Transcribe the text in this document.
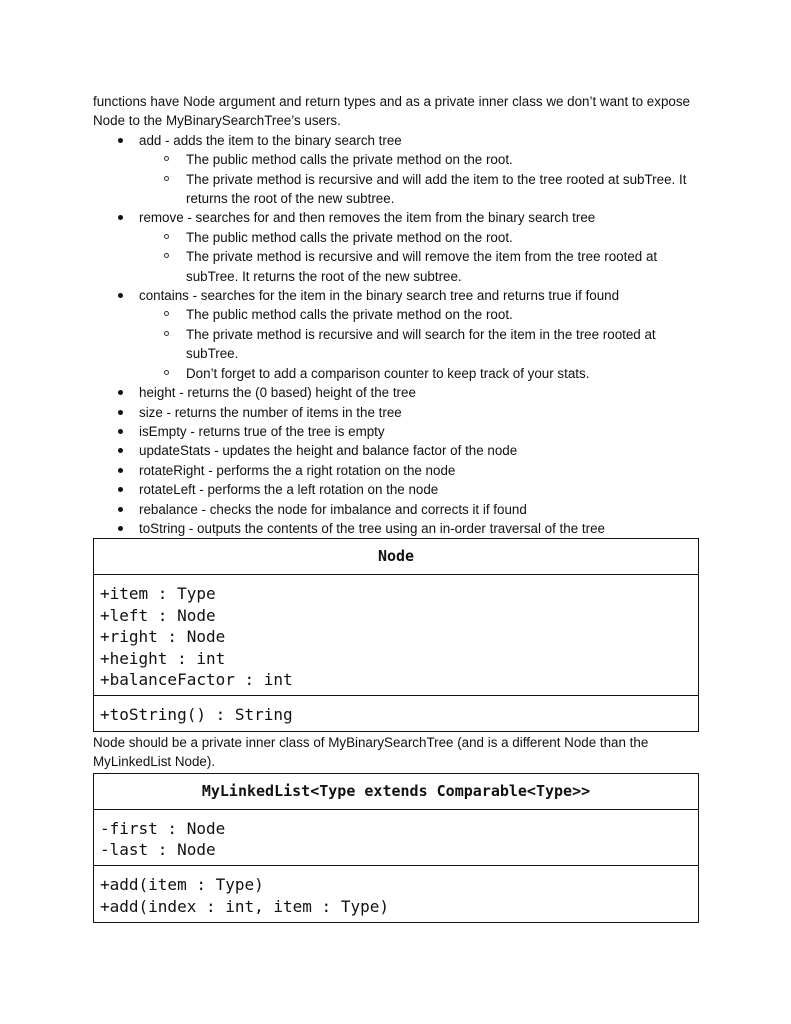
functions have Node argument and return types and as a private inner class we don’t want to expose Node to the MyBinarySearchTree’s users.

add - adds the item to the binary search tree
The public method calls the private method on the root.
The private method is recursive and will add the item to the tree rooted at subTree. It returns the root of the new subtree.
remove - searches for and then removes the item from the binary search tree
The public method calls the private method on the root.
The private method is recursive and will remove the item from the tree rooted at subTree. It returns the root of the new subtree.
contains - searches for the item in the binary search tree and returns true if found
The public method calls the private method on the root.
The private method is recursive and will search for the item in the tree rooted at subTree.
Don’t forget to add a comparison counter to keep track of your stats.
height - returns the (0 based) height of the tree
size - returns the number of items in the tree
isEmpty - returns true of the tree is empty
updateStats - updates the height and balance factor of the node
rotateRight - performs the a right rotation on the node
rotateLeft - performs the a left rotation on the node
rebalance - checks the node for imbalance and corrects it if found
toString - outputs the contents of the tree using an in-order traversal of the tree
Node
+item : Type
+left : Node
+right : Node
+height : int
+balanceFactor : int
+toString() : String

Node should be a private inner class of MyBinarySearchTree (and is a different Node than the MyLinkedList Node).

MyLinkedList<Type extends Comparable<Type>>
-first : Node
-last : Node
+add(item : Type)
+add(index : int, item : Type)
